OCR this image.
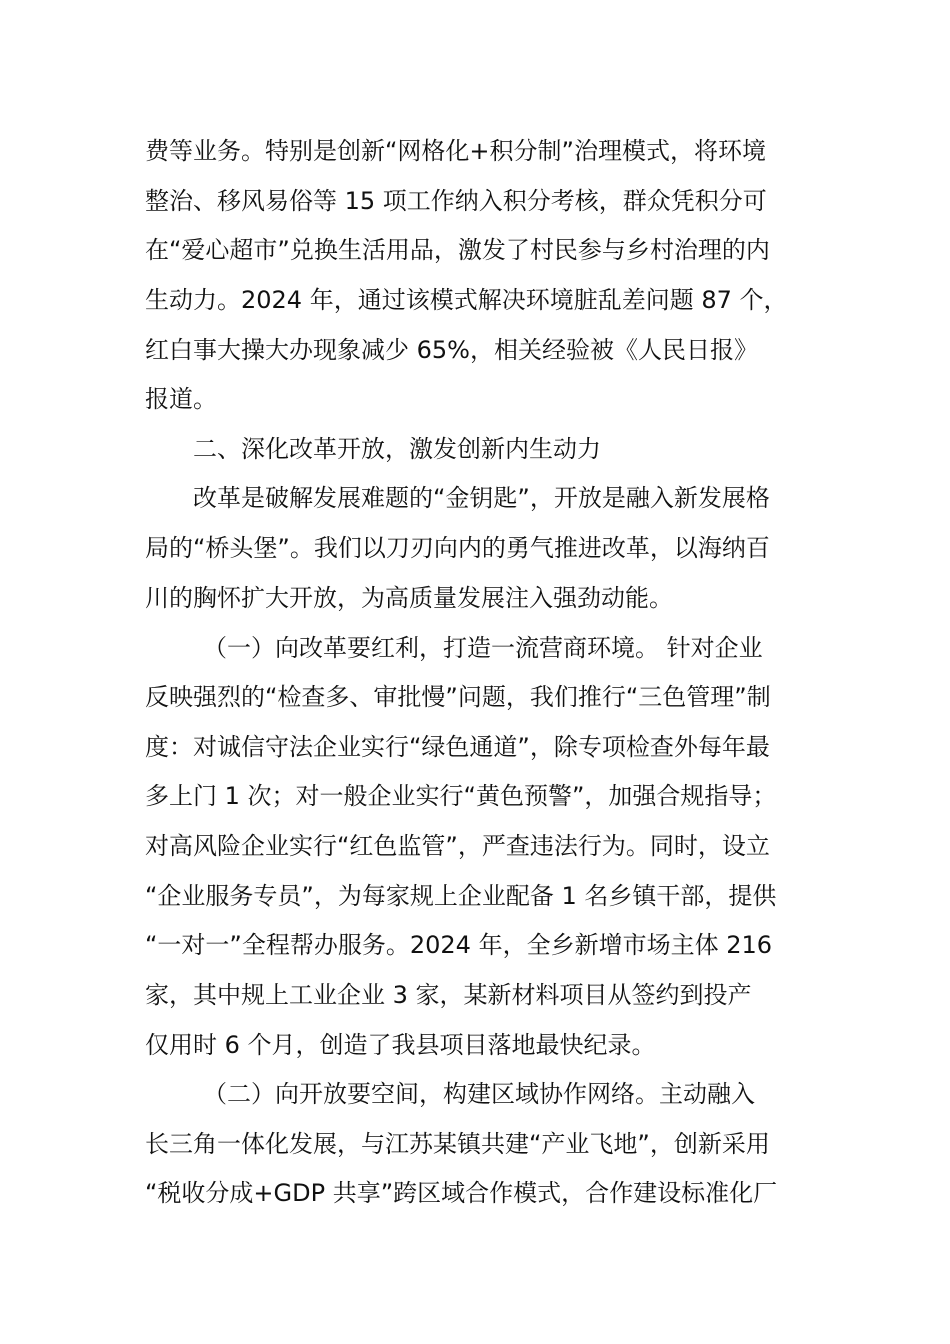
费等业务。特别是创新“网格化+积分制”治理模式，将环境
整治、移风易俗等 15 项工作纳入积分考核，群众凭积分可
在“爱心超市”兑换生活用品，激发了村民参与乡村治理的内
生动力。2024 年，通过该模式解决环境脏乱差问题 87 个，
红白事大操大办现象减少 65%，相关经验被《人民日报》
报道。
二、深化改革开放，激发创新内生动力
改革是破解发展难题的“金钥匙”，开放是融入新发展格
局的“桥头堡”。我们以刀刃向内的勇气推进改革，以海纳百
川的胸怀扩大开放，为高质量发展注入强劲动能。
（一）向改革要红利，打造一流营商环境。 针对企业
反映强烈的“检查多、审批慢”问题，我们推行“三色管理”制
度：对诚信守法企业实行“绿色通道”，除专项检查外每年最
多上门 1 次；对一般企业实行“黄色预警”，加强合规指导；
对高风险企业实行“红色监管”，严查违法行为。同时，设立
“企业服务专员”，为每家规上企业配备 1 名乡镇干部，提供
“一对一”全程帮办服务。2024 年，全乡新增市场主体 216
家，其中规上工业企业 3 家，某新材料项目从签约到投产
仅用时 6 个月，创造了我县项目落地最快纪录。
（二）向开放要空间，构建区域协作网络。主动融入
长三角一体化发展，与江苏某镇共建“产业飞地”，创新采用
“税收分成+GDP 共享”跨区域合作模式，合作建设标准化厂
